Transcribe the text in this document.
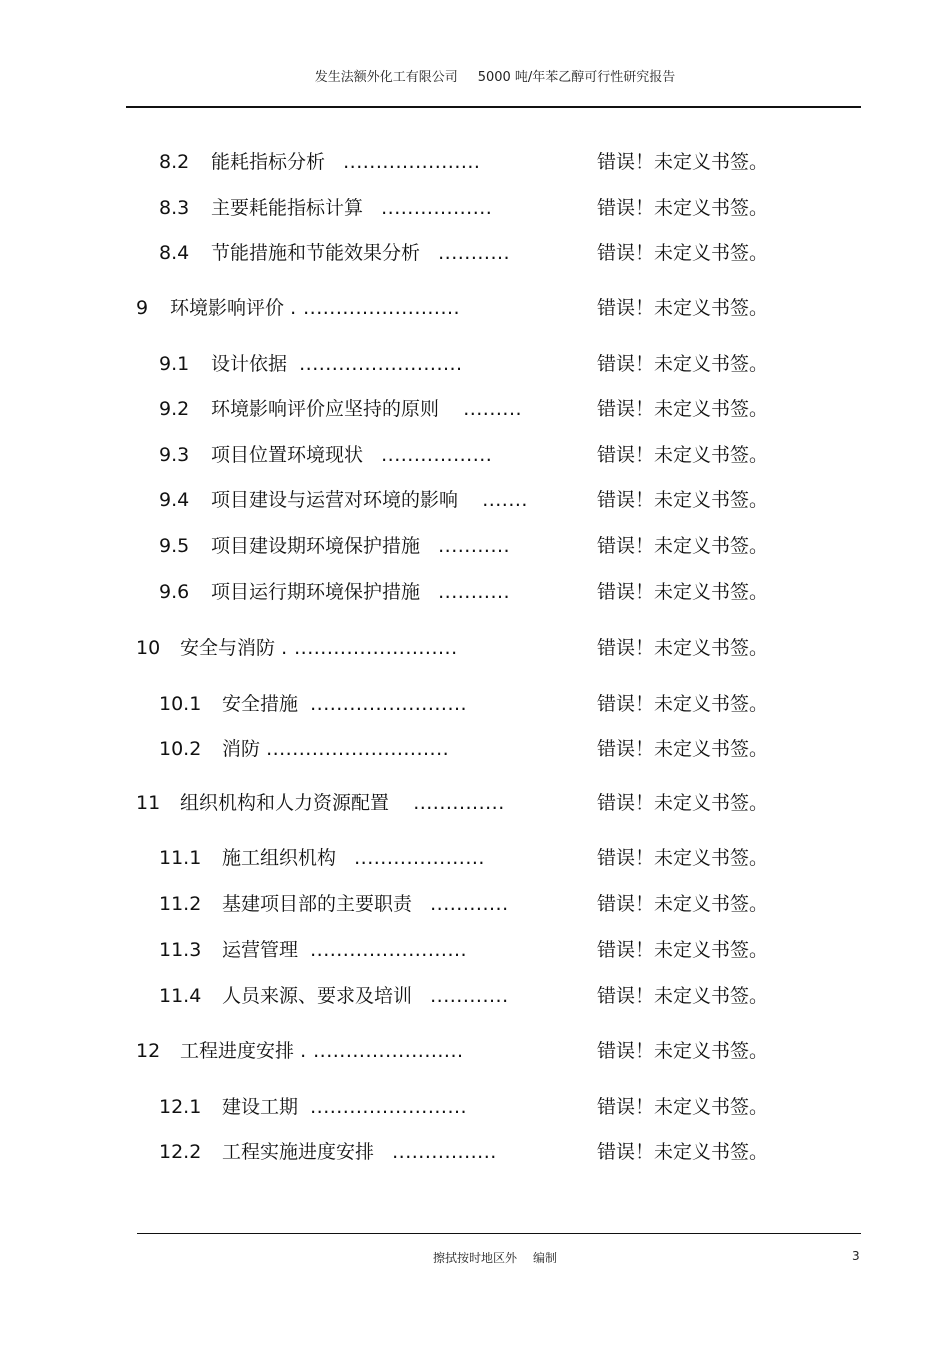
发生法额外化工有限公司 5000 吨/年苯乙醇可行性研究报告
8.2 能耗指标分析 .....................	错误！未定义书签。
8.3 主要耗能指标计算 .................	错误！未定义书签。
8.4 节能措施和节能效果分析 ...........	错误！未定义书签。
9 环境影响评价 . ........................	错误！未定义书签。
9.1 设计依据 .........................	错误！未定义书签。
9.2 环境影响评价应坚持的原则 .........	错误！未定义书签。
9.3 项目位置环境现状 .................	错误！未定义书签。
9.4 项目建设与运营对环境的影响 .......	错误！未定义书签。
9.5 项目建设期环境保护措施 ...........	错误！未定义书签。
9.6 项目运行期环境保护措施 ...........	错误！未定义书签。
10 安全与消防 . .........................	错误！未定义书签。
10.1 安全措施 ........................	错误！未定义书签。
10.2 消防 ............................	错误！未定义书签。
11 组织机构和人力资源配置 ..............	错误！未定义书签。
11.1 施工组织机构 ....................	错误！未定义书签。
11.2 基建项目部的主要职责 ............	错误！未定义书签。
11.3 运营管理 ........................	错误！未定义书签。
11.4 人员来源、要求及培训 ............	错误！未定义书签。
12 工程进度安排 . .......................	错误！未定义书签。
12.1 建设工期 ........................	错误！未定义书签。
12.2 工程实施进度安排 ................	错误！未定义书签。
擦拭按时地区外 编制	3
